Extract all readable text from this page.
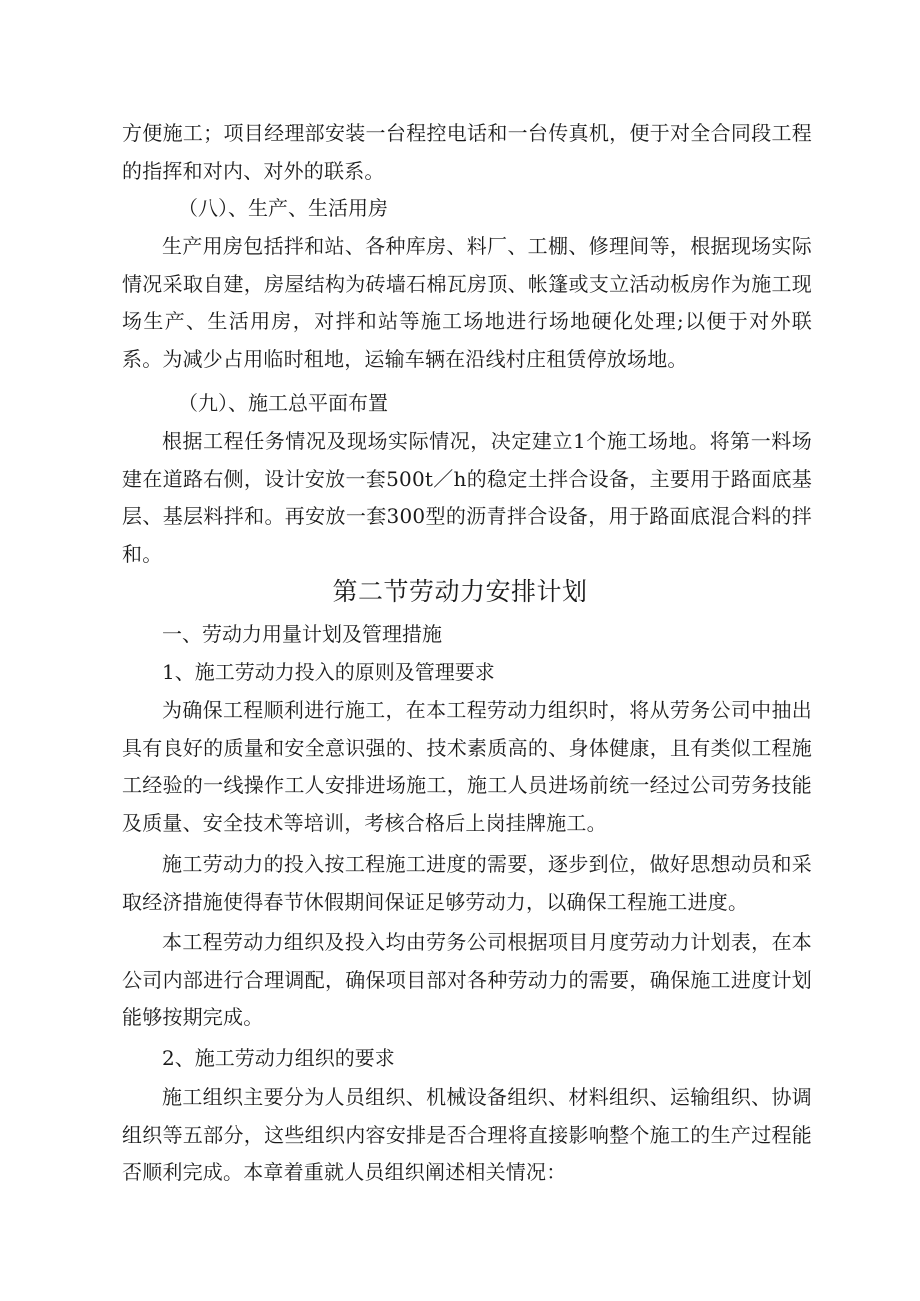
方便施工；项目经理部安装一台程控电话和一台传真机，便于对全合同段工程的指挥和对内、对外的联系。

（八）、生产、生活用房

生产用房包括拌和站、各种库房、料厂、工棚、修理间等，根据现场实际情况采取自建，房屋结构为砖墙石棉瓦房顶、帐篷或支立活动板房作为施工现场生产、生活用房，对拌和站等施工场地进行场地硬化处理;以便于对外联系。为减少占用临时租地，运输车辆在沿线村庄租赁停放场地。

（九）、施工总平面布置

根据工程任务情况及现场实际情况，决定建立1个施工场地。将第一料场建在道路右侧，设计安放一套500t／h的稳定土拌合设备，主要用于路面底基层、基层料拌和。再安放一套300型的沥青拌合设备，用于路面底混合料的拌和。

第二节劳动力安排计划

一、劳动力用量计划及管理措施

1、施工劳动力投入的原则及管理要求

为确保工程顺利进行施工，在本工程劳动力组织时，将从劳务公司中抽出具有良好的质量和安全意识强的、技术素质高的、身体健康，且有类似工程施工经验的一线操作工人安排进场施工，施工人员进场前统一经过公司劳务技能及质量、安全技术等培训，考核合格后上岗挂牌施工。

施工劳动力的投入按工程施工进度的需要，逐步到位，做好思想动员和采取经济措施使得春节休假期间保证足够劳动力，以确保工程施工进度。

本工程劳动力组织及投入均由劳务公司根据项目月度劳动力计划表，在本公司内部进行合理调配，确保项目部对各种劳动力的需要，确保施工进度计划能够按期完成。

2、施工劳动力组织的要求

施工组织主要分为人员组织、机械设备组织、材料组织、运输组织、协调组织等五部分，这些组织内容安排是否合理将直接影响整个施工的生产过程能否顺利完成。本章着重就人员组织阐述相关情况：
